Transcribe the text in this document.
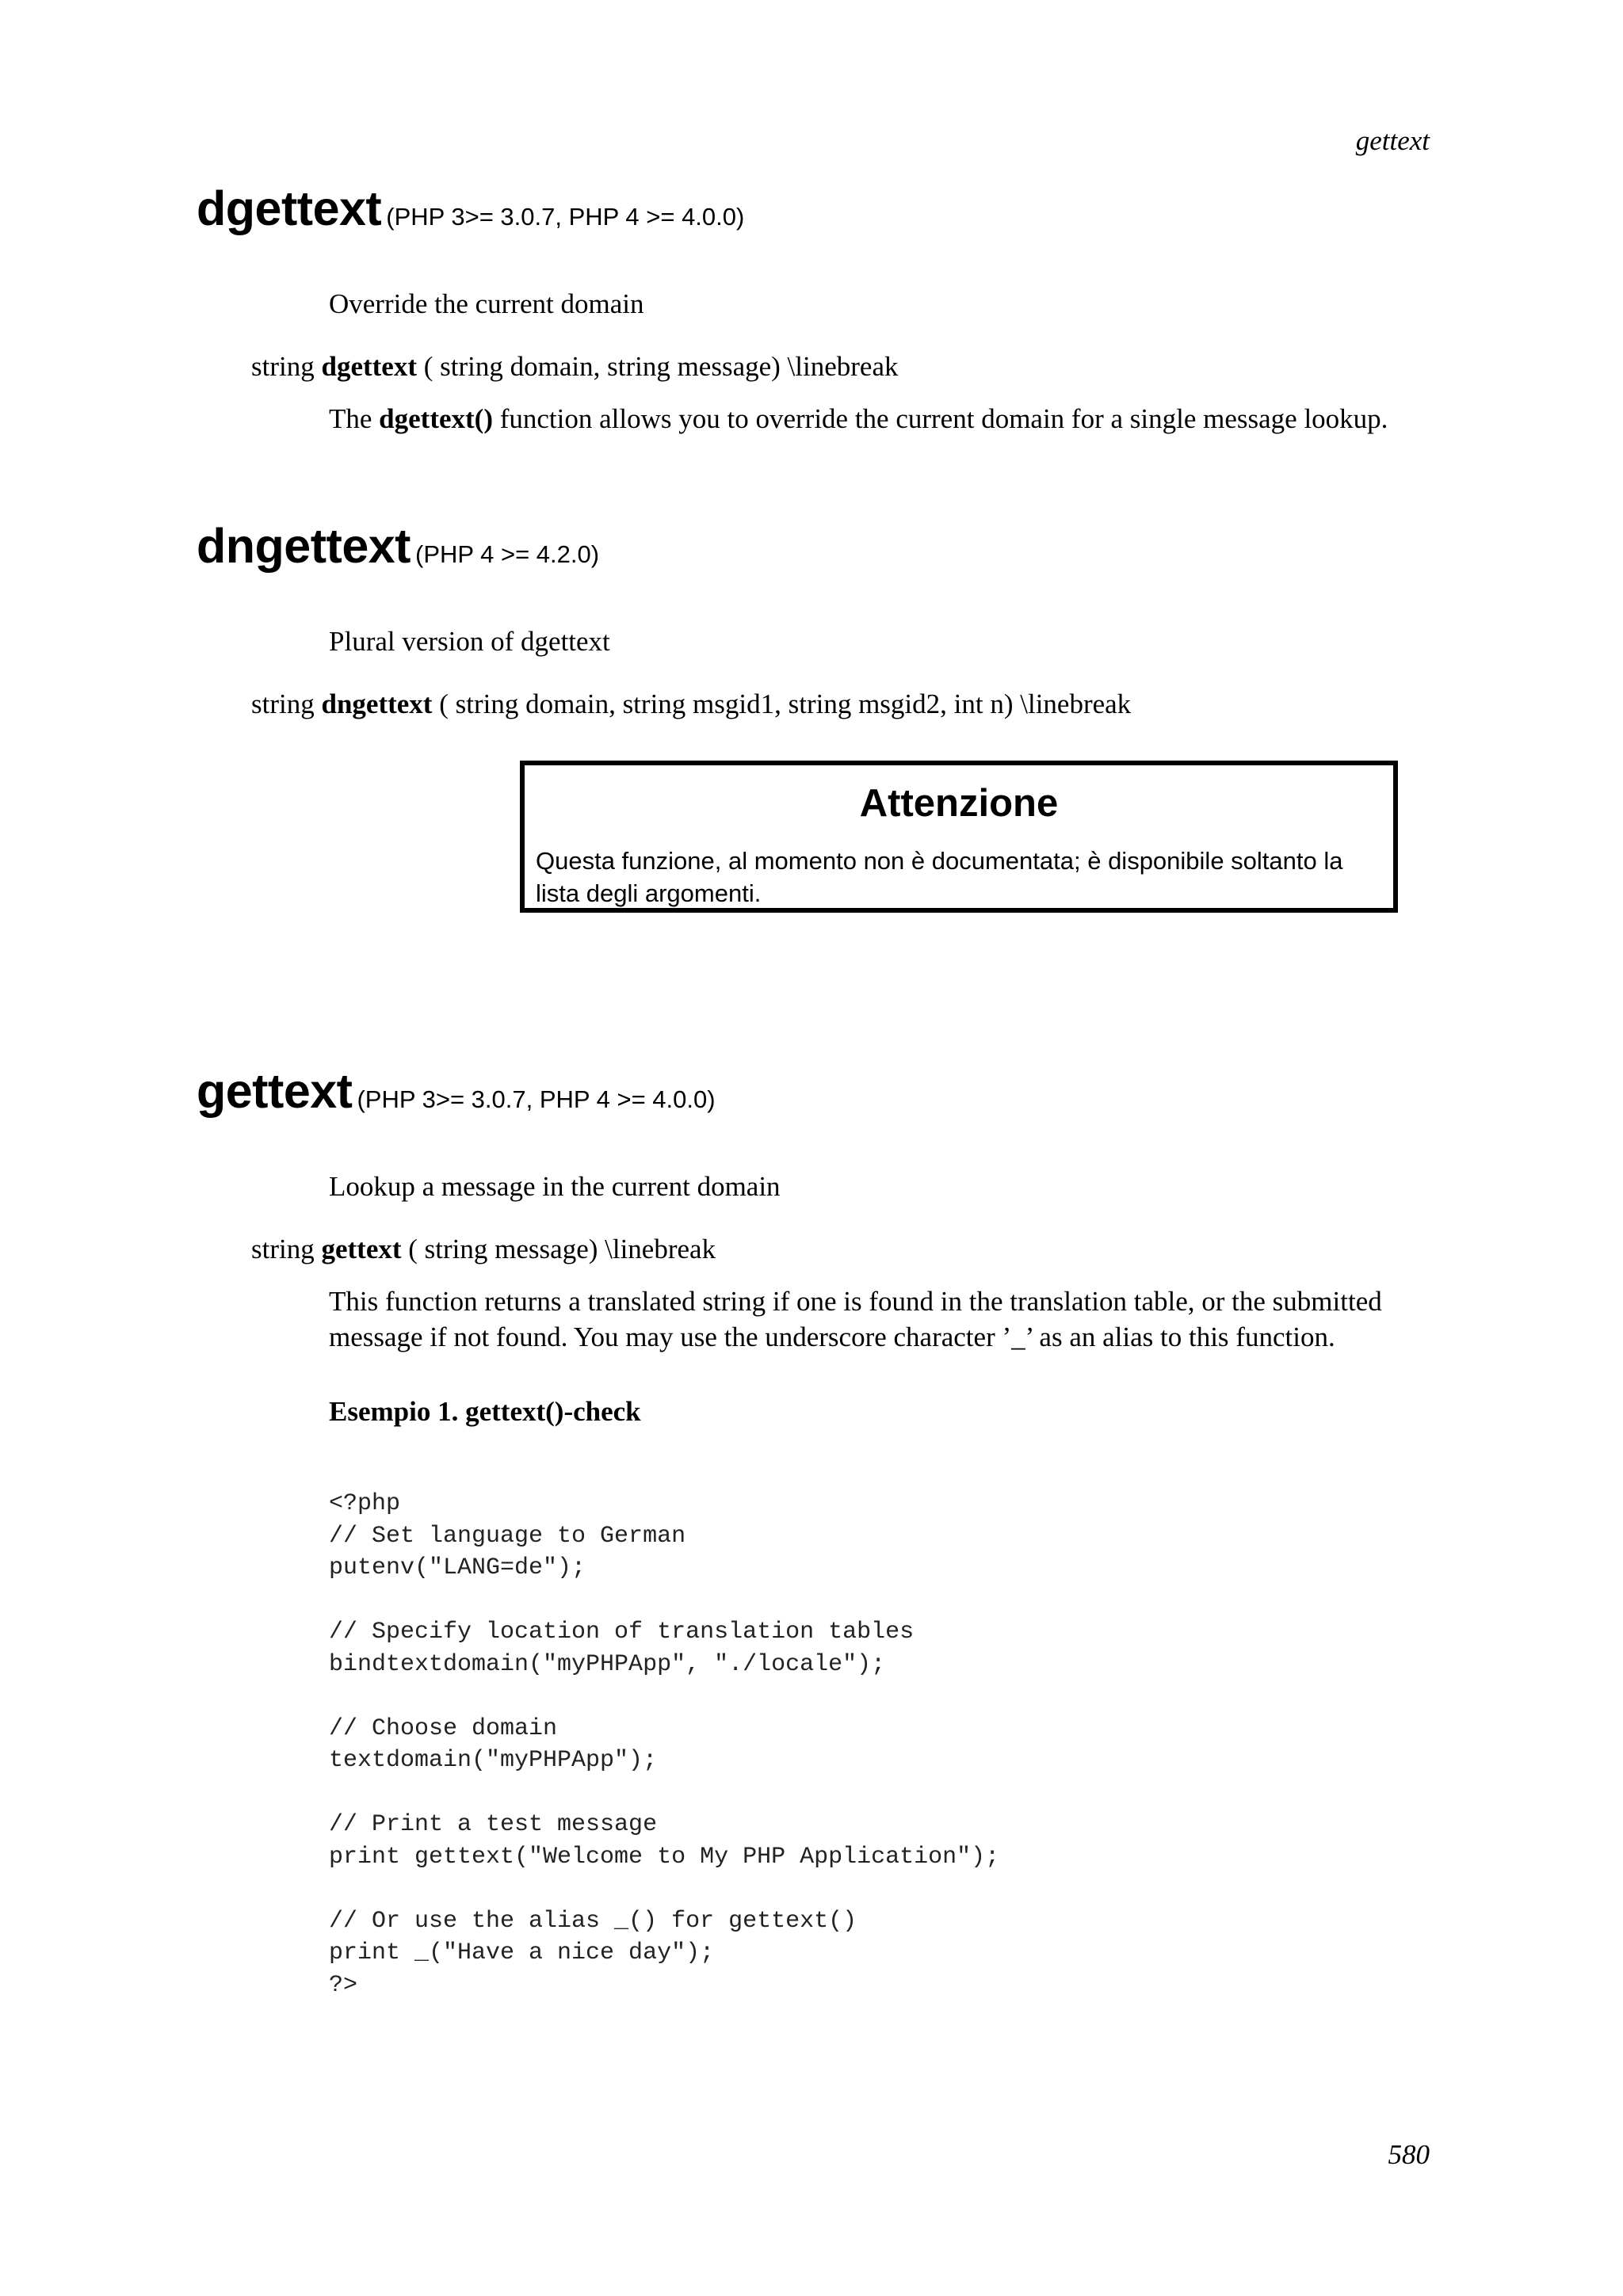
gettext
dgettext (PHP 3>= 3.0.7, PHP 4 >= 4.0.0)
Override the current domain
string dgettext ( string domain, string message) \linebreak
The dgettext() function allows you to override the current domain for a single message lookup.
dngettext (PHP 4 >= 4.2.0)
Plural version of dgettext
string dngettext ( string domain, string msgid1, string msgid2, int n) \linebreak
Attenzione
Questa funzione, al momento non è documentata; è disponibile soltanto la lista degli argomenti.
gettext (PHP 3>= 3.0.7, PHP 4 >= 4.0.0)
Lookup a message in the current domain
string gettext ( string message) \linebreak
This function returns a translated string if one is found in the translation table, or the submitted
message if not found. You may use the underscore character ’_’ as an alias to this function.
Esempio 1. gettext()-check
<?php
// Set language to German
putenv("LANG=de");
// Specify location of translation tables
bindtextdomain("myPHPApp", "./locale");
// Choose domain
textdomain("myPHPApp");
// Print a test message
print gettext("Welcome to My PHP Application");
// Or use the alias _() for gettext()
print _("Have a nice day");
?>
580
